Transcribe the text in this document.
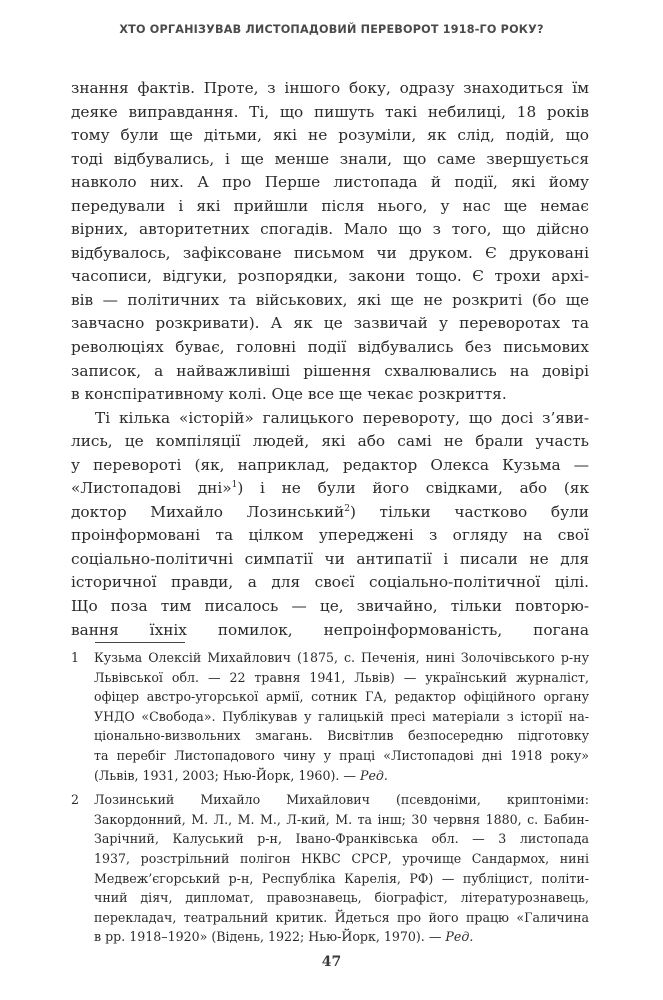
ХТО ОРГАНІЗУВАВ ЛИСТОПАДОВИЙ ПЕРЕВОРОТ 1918-ГО РОКУ?
знання фактів. Проте, з іншого боку, одразу знаходиться їм
деяке виправдання. Ті, що пишуть такі небилиці, 18 років
тому були ще дітьми, які не розуміли, як слід, подій, що
тоді відбувались, і ще менше знали, що саме звершується
навколо них. А про Перше листопада й події, які йому
передували і які прийшли після нього, у нас ще немає
вірних, авторитетних спогадів. Мало що з того, що дійсно
відбувалось, зафіксоване письмом чи друком. Є друковані
часописи, відгуки, розпорядки, закони тощо. Є трохи архі-
вів — політичних та військових, які ще не розкриті (бо ще
завчасно розкривати). А як це зазвичай у переворотах та
революціях буває, головні події відбувались без письмових
записок, а найважливіші рішення схвалювались на довірі
в конспіративному колі. Оце все ще чекає розкриття.
Ті кілька «історій» галицького перевороту, що досі з’яви-
лись, це компіляції людей, які або самі не брали участь
у перевороті (як, наприклад, редактор Олекса Кузьма —
«Листопадові дні»$^1$) і не були його свідками, або (як
доктор Михайло Лозинський$^2$) тільки частково були
проінформовані та цілком упереджені з огляду на свої
соціально-політичні симпатії чи антипатії і писали не для
історичної правди, а для своєї соціально-політичної цілі.
Що поза тим писалось — це, звичайно, тільки повторю-
вання їхніх помилок, непроінформованість, погана
1 Кузьма Олексій Михайлович (1875, с. Печенія, нині Золочівського р-ну
Львівської обл. — 22 травня 1941, Львів) — український журналіст,
офіцер австро-угорської армії, сотник ГА, редактор офіційного органу
УНДО «Свобода». Публікував у галицькій пресі матеріали з історії на-
ціонально-визвольних змагань. Висвітлив безпосередню підготовку
та перебіг Листопадового чину у праці «Листопадові дні 1918 року»
(Львів, 1931, 2003; Нью-Йорк, 1960). — Ред.
2 Лозинський Михайло Михайлович (псевдоніми, криптоніми:
Закордонний, М. Л., М. М., Л-кий, М. та інш; 30 червня 1880, с. Бабин-
Зарічний, Калуський р-н, Івано-Франківська обл. — 3 листопада
1937, розстрільний полігон НКВС СРСР, урочище Сандармох, нині
Медвеж’єгорський р-н, Республіка Карелія, РФ) — публіцист, політи-
чний діяч, дипломат, правознавець, біографіст, літературознавець,
перекладач, театральний критик. Йдеться про його працю «Галичина
в рр. 1918–1920» (Відень, 1922; Нью-Йорк, 1970). — Ред.
47
